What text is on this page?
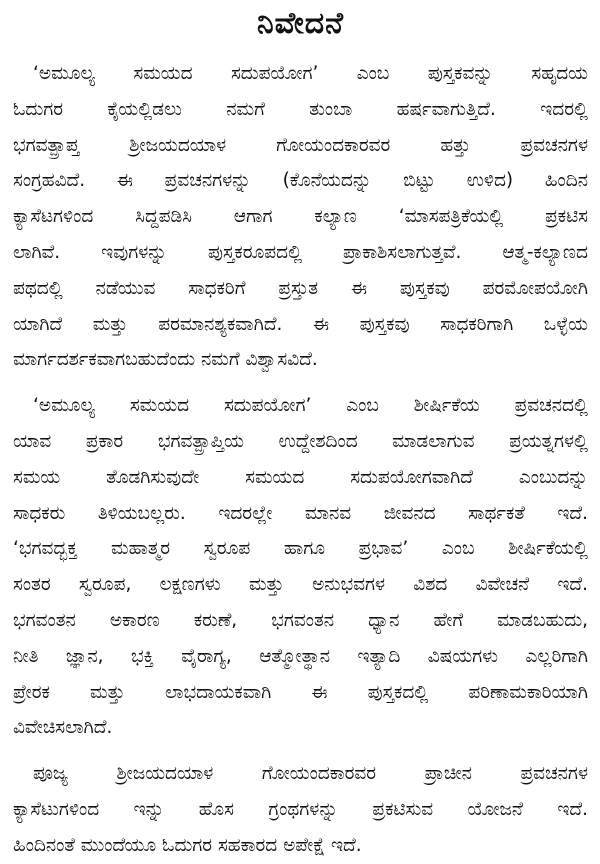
ನಿವೇದನೆ
‘ಅಮೂಲ್ಯ ಸಮಯದ ಸದುಪಯೋಗ’ ಎಂಬ ಪುಸ್ತಕವನ್ನು ಸಹೃದಯ
ಓದುಗರ ಕೈಯಲ್ಲಿಡಲು ನಮಗೆ ತುಂಬಾ ಹರ್ಷವಾಗುತ್ತಿದೆ. ಇದರಲ್ಲಿ
ಭಗವತ್ಪ್ರಾಪ್ತ ಶ್ರೀಜಯದಯಾಳ ಗೋಯಂದಕಾರವರ ಹತ್ತು ಪ್ರವಚನಗಳ
ಸಂಗ್ರಹವಿದೆ. ಈ ಪ್ರವಚನಗಳನ್ನು (ಕೊನೆಯದನ್ನು ಬಿಟ್ಟು ಉಳಿದ) ಹಿಂದಿನ
ಕ್ಯಾಸೆಟಗಳಿಂದ ಸಿದ್ದಪಡಿಸಿ ಆಗಾಗ ಕಲ್ಯಾಣ ‘ಮಾಸಪತ್ರಿಕೆಯಲ್ಲಿ ಪ್ರಕಟಿಸ
ಲಾಗಿವೆ. ಇವುಗಳನ್ನು ಪುಸ್ತಕರೂಪದಲ್ಲಿ ಪ್ರಾಕಾಶಿಸಲಾಗುತ್ತವೆ. ಆತ್ಮ-ಕಲ್ಯಾಣದ
ಪಥದಲ್ಲಿ ನಡೆಯುವ ಸಾಧಕರಿಗೆ ಪ್ರಸ್ತುತ ಈ ಪುಸ್ತಕವು ಪರಮೋಪಯೋಗಿ
ಯಾಗಿದೆ ಮತ್ತು ಪರಮಾನಶ್ಯಕವಾಗಿದೆ. ಈ ಪುಸ್ತಕವು ಸಾಧಕರಿಗಾಗಿ ಒಳ್ಳೆಯ
ಮಾರ್ಗದರ್ಶಕವಾಗಬಹುದೆಂದು ನಮಗೆ ವಿಶ್ವಾಸವಿದೆ.
‘ಅಮೂಲ್ಯ ಸಮಯದ ಸದುಪಯೋಗ’ ಎಂಬ ಶೀರ್ಷಿಕೆಯ ಪ್ರವಚನದಲ್ಲಿ
ಯಾವ ಪ್ರಕಾರ ಭಗವತ್ಪ್ರಾಪ್ತಿಯ ಉದ್ದೇಶದಿಂದ ಮಾಡಲಾಗುವ ಪ್ರಯತ್ನಗಳಲ್ಲಿ
ಸಮಯ ತೊಡಗಿಸುವುದೇ ಸಮಯದ ಸದುಪಯೋಗವಾಗಿದೆ ಎಂಬುದನ್ನು
ಸಾಧಕರು ತಿಳಿಯಬಲ್ಲರು. ಇದರಲ್ಲೇ ಮಾನವ ಜೀವನದ ಸಾರ್ಥಕತೆ ಇದೆ.
‘ಭಗವದ್ಭಕ್ತ ಮಹಾತ್ಮರ ಸ್ವರೂಪ ಹಾಗೂ ಪ್ರಭಾವ’ ಎಂಬ ಶೀರ್ಷಿಕೆಯಲ್ಲಿ
ಸಂತರ ಸ್ವರೂಪ, ಲಕ್ಷಣಗಳು ಮತ್ತು ಅನುಭವಗಳ ವಿಶದ ವಿವೇಚನೆ ಇದೆ.
ಭಗವಂತನ ಅಕಾರಣ ಕರುಣೆ, ಭಗವಂತನ ಧ್ಯಾನ ಹೇಗೆ ಮಾಡಬಹುದು,
ನೀತಿ ಜ್ಞಾನ, ಭಕ್ತಿ ವೈರಾಗ್ಯ, ಆತ್ಮೋತ್ಥಾನ ಇತ್ಯಾದಿ ವಿಷಯಗಳು ಎಲ್ಲರಿಗಾಗಿ
ಪ್ರೇರಕ ಮತ್ತು ಲಾಭದಾಯಕವಾಗಿ ಈ ಪುಸ್ತಕದಲ್ಲಿ ಪರಿಣಾಮಕಾರಿಯಾಗಿ
ವಿವೇಚಿಸಲಾಗಿದೆ.
ಪೂಜ್ಯ ಶ್ರೀಜಯದಯಾಳ ಗೋಯಂದಕಾರವರ ಪ್ರಾಚೀನ ಪ್ರವಚನಗಳ
ಕ್ಯಾಸೆಟುಗಳಿಂದ ಇನ್ನು ಹೊಸ ಗ್ರಂಥಗಳನ್ನು ಪ್ರಕಟಿಸುವ ಯೋಜನೆ ಇದೆ.
ಹಿಂದಿನಂತೆ ಮುಂದೆಯೂ ಓದುಗರ ಸಹಕಾರದ ಅಪೇಕ್ಷೆ ಇದೆ.
